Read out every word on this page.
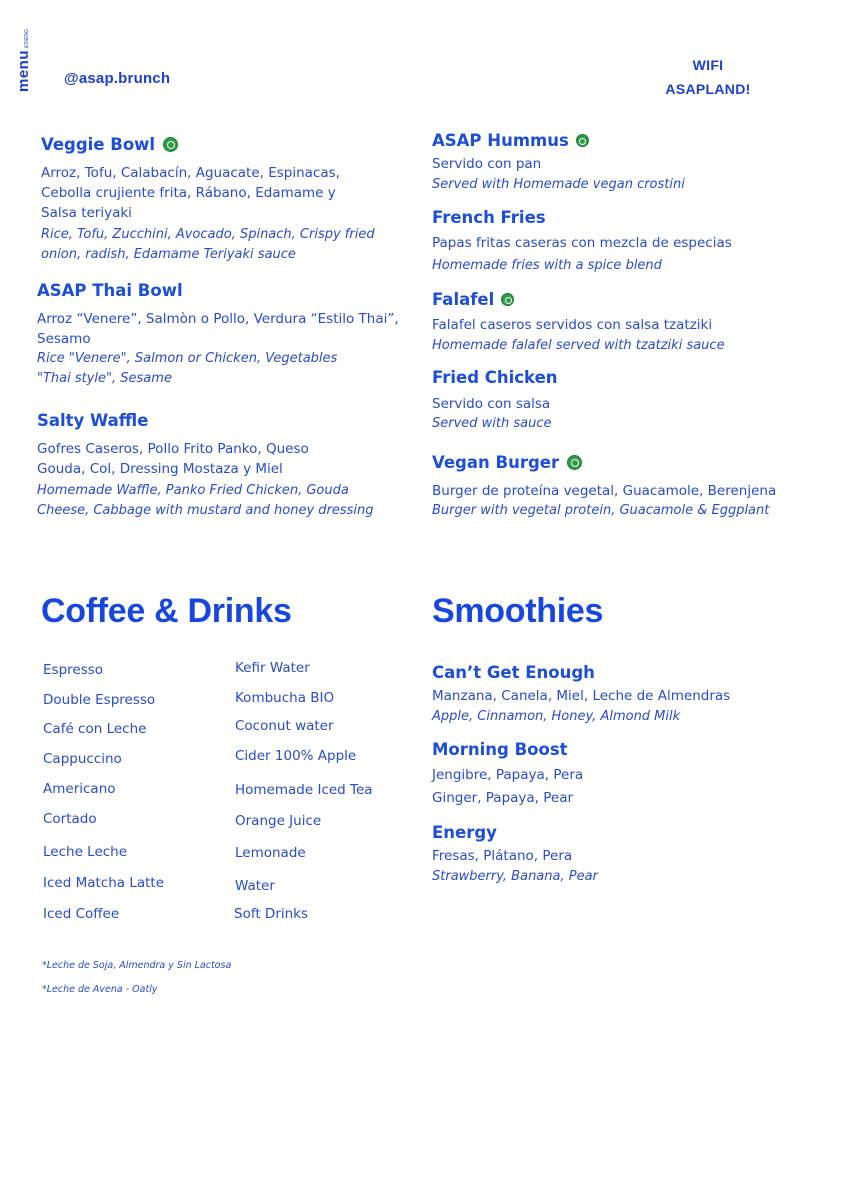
menuES/ENG
@asap.brunch
WIFI
ASAPLAND!
Veggie Bowl
Arroz, Tofu, Calabacín, Aguacate, Espinacas,
Cebolla crujiente frita, Rábano, Edamame y
Salsa teriyaki
Rice, Tofu, Zucchini, Avocado, Spinach, Crispy fried
onion, radish, Edamame Teriyaki sauce
ASAP Thai Bowl
Arroz “Venere”, Salmòn o Pollo, Verdura “Estilo Thai”,
Sesamo
Rice "Venere", Salmon or Chicken, Vegetables
"Thai style", Sesame
Salty Waffle
Gofres Caseros, Pollo Frito Panko, Queso
Gouda, Col, Dressing Mostaza y Miel
Homemade Waffle, Panko Fried Chicken, Gouda
Cheese, Cabbage with mustard and honey dressing
ASAP Hummus
Servido con pan
Served with Homemade vegan crostini
French Fries
Papas fritas caseras con mezcla de especias
Homemade fries with a spice blend
Falafel
Falafel caseros servidos con salsa tzatziki
Homemade falafel served with tzatziki sauce
Fried Chicken
Servido con salsa
Served with sauce
Vegan Burger
Burger de proteína vegetal, Guacamole, Berenjena
Burger with vegetal protein, Guacamole & Eggplant
Coffee & Drinks
Espresso
Double Espresso
Café con Leche
Cappuccino
Americano
Cortado
Leche Leche
Iced Matcha Latte
Iced Coffee
Kefir Water
Kombucha BIO
Coconut water
Cider 100% Apple
Homemade Iced Tea
Orange Juice
Lemonade
Water
Soft Drinks
*Leche de Soja, Almendra y Sin Lactosa
*Leche de Avena - Oatly
Smoothies
Can’t Get Enough
Manzana, Canela, Miel, Leche de Almendras
Apple, Cinnamon, Honey, Almond Milk
Morning Boost
Jengibre, Papaya, Pera
Ginger, Papaya, Pear
Energy
Fresas, Plátano, Pera
Strawberry, Banana, Pear
